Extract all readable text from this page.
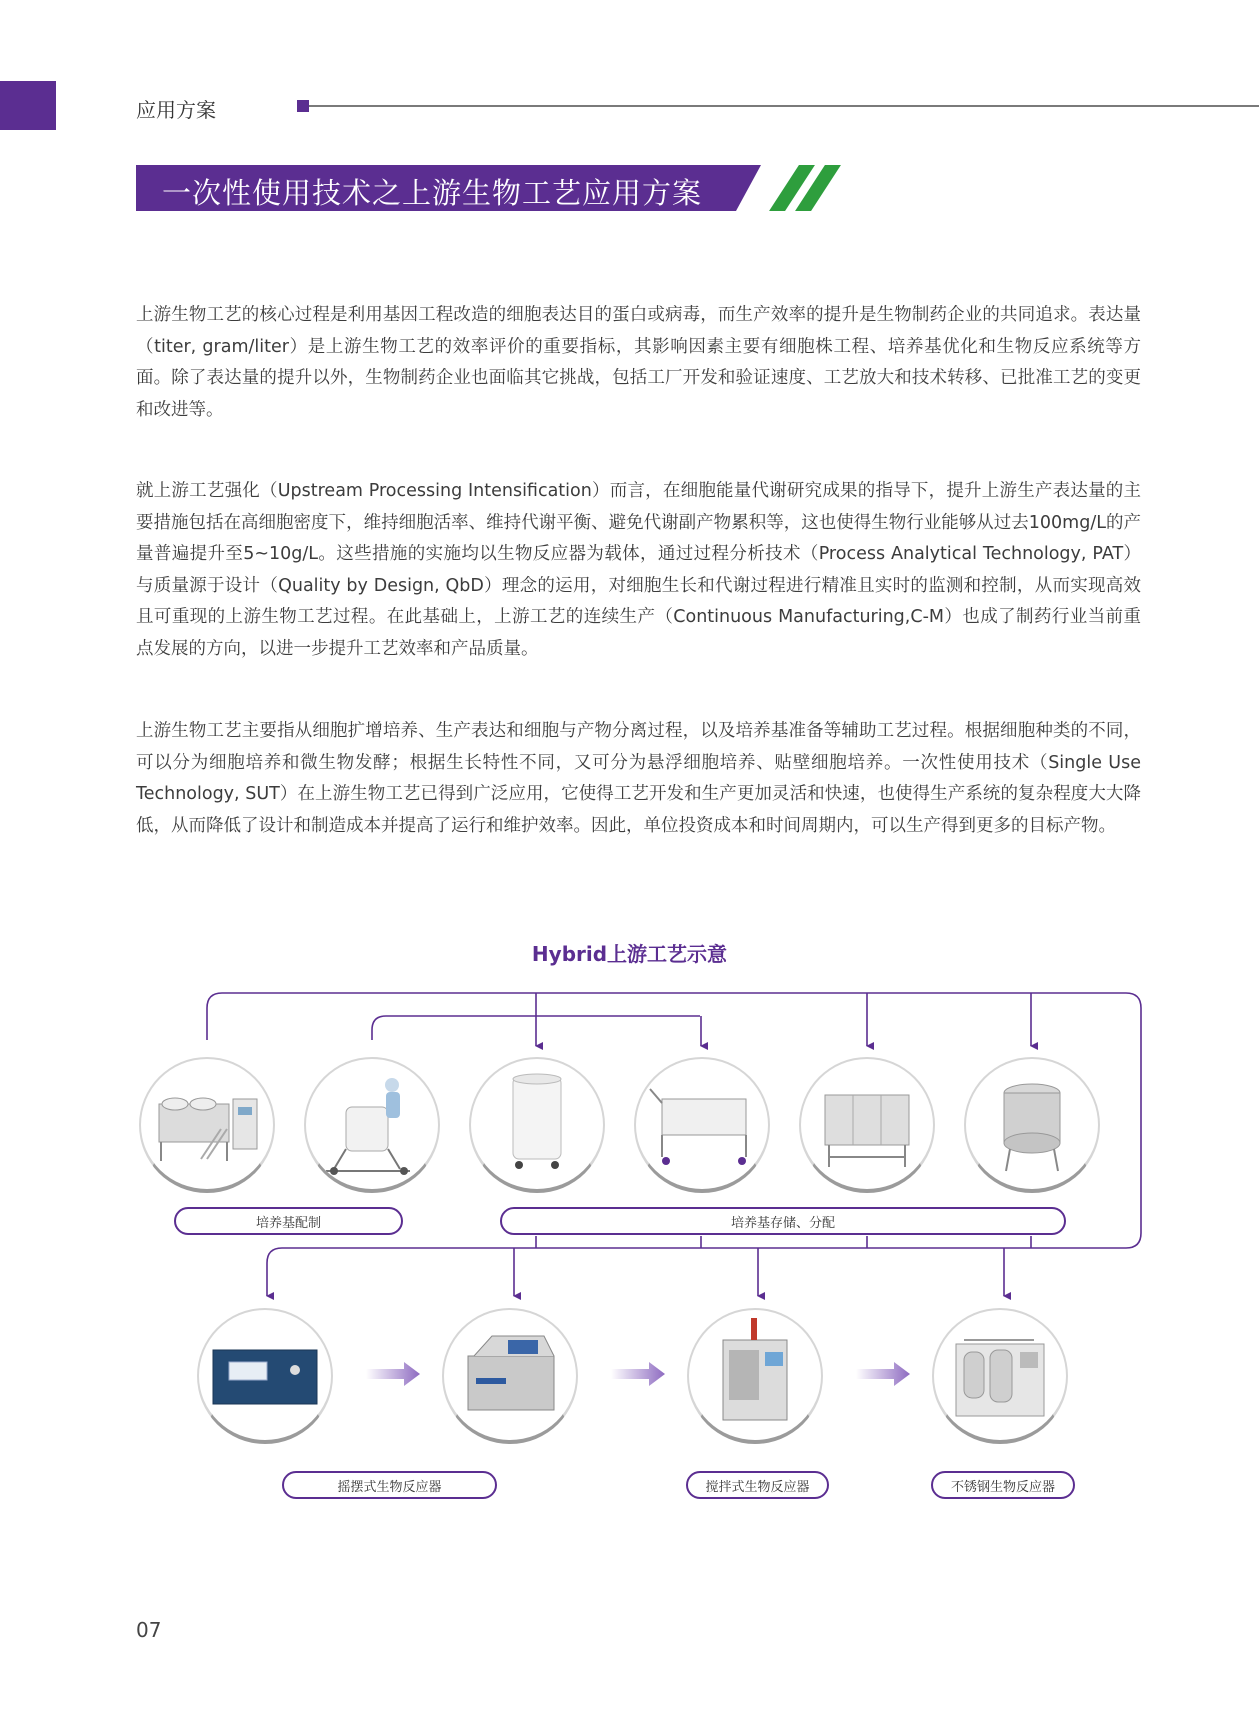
应用方案
一次性使用技术之上游生物工艺应用方案

上游生物工艺的核心过程是利用基因工程改造的细胞表达目的蛋白或病毒，而生产效率的提升是生物制药企业的共同追求。表达量（titer, gram/liter）是上游生物工艺的效率评价的重要指标，其影响因素主要有细胞株工程、培养基优化和生物反应系统等方面。除了表达量的提升以外，生物制药企业也面临其它挑战，包括工厂开发和验证速度、工艺放大和技术转移、已批准工艺的变更和改进等。

就上游工艺强化（Upstream Processing Intensification）而言，在细胞能量代谢研究成果的指导下，提升上游生产表达量的主要措施包括在高细胞密度下，维持细胞活率、维持代谢平衡、避免代谢副产物累积等，这也使得生物行业能够从过去100mg/L的产量普遍提升至5~10g/L。这些措施的实施均以生物反应器为载体，通过过程分析技术（Process Analytical Technology, PAT）与质量源于设计（Quality by Design, QbD）理念的运用，对细胞生长和代谢过程进行精准且实时的监测和控制，从而实现高效且可重现的上游生物工艺过程。在此基础上，上游工艺的连续生产（Continuous Manufacturing,C-M）也成了制药行业当前重点发展的方向，以进一步提升工艺效率和产品质量。

上游生物工艺主要指从细胞扩增培养、生产表达和细胞与产物分离过程，以及培养基准备等辅助工艺过程。根据细胞种类的不同，可以分为细胞培养和微生物发酵；根据生长特性不同，又可分为悬浮细胞培养、贴壁细胞培养。一次性使用技术（Single Use Technology, SUT）在上游生物工艺已得到广泛应用，它使得工艺开发和生产更加灵活和快速，也使得生产系统的复杂程度大大降低，从而降低了设计和制造成本并提高了运行和维护效率。因此，单位投资成本和时间周期内，可以生产得到更多的目标产物。

Hybrid上游工艺示意
培养基配制	培养基存储、分配
摇摆式生物反应器	搅拌式生物反应器	不锈钢生物反应器
07
